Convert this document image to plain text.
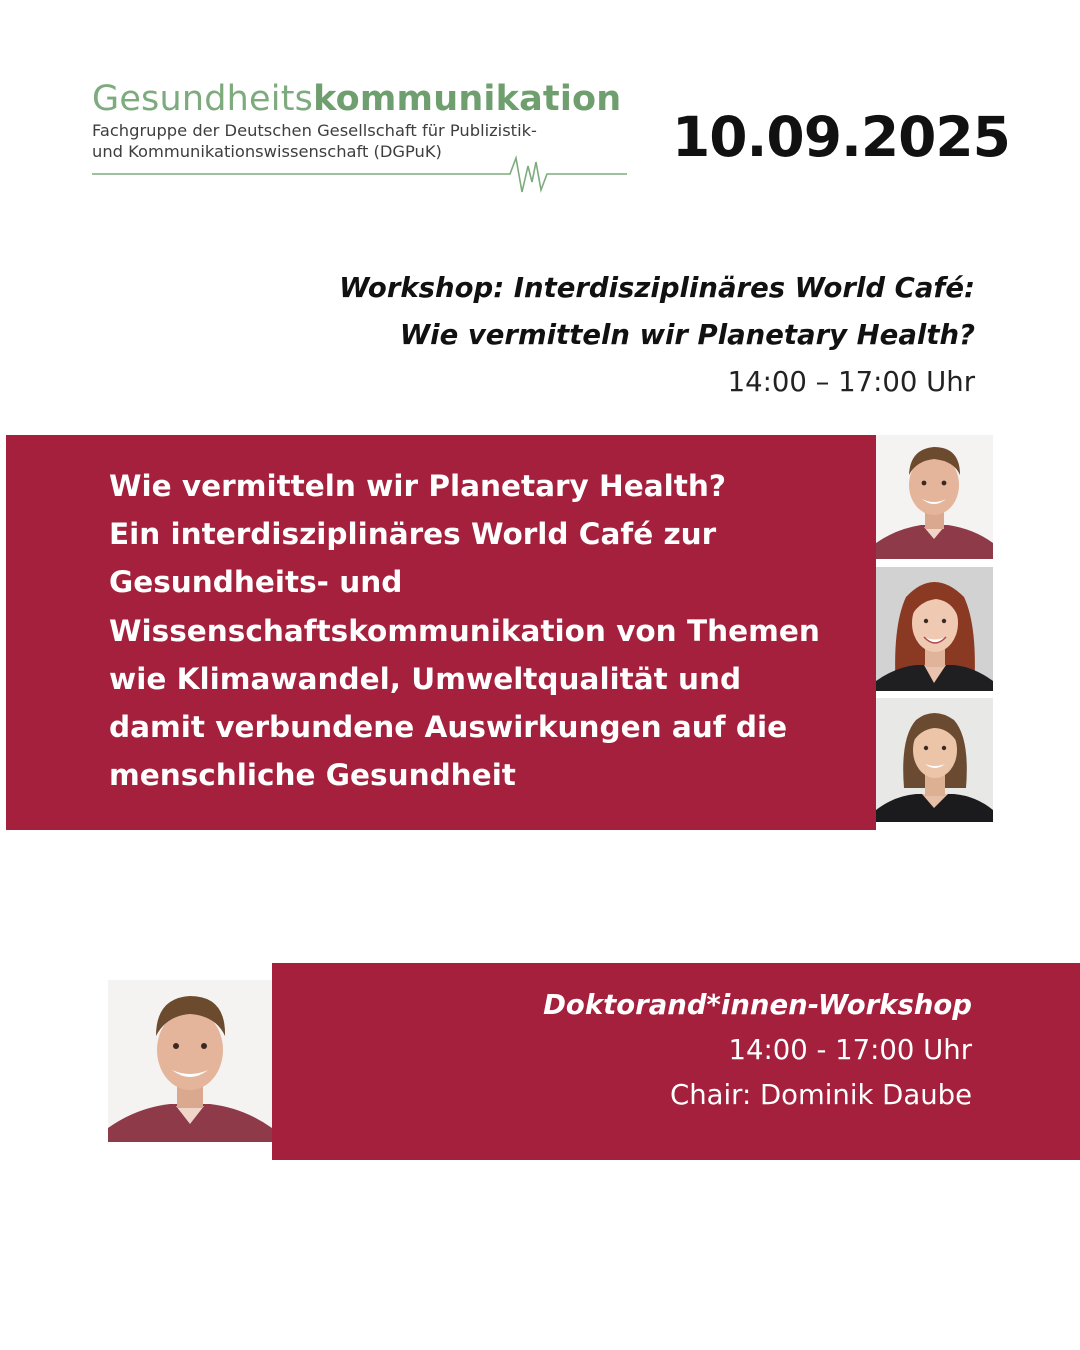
Gesundheitskommunikation
Fachgruppe der Deutschen Gesellschaft für Publizistik-
und Kommunikationswissenschaft (DGPuK)	10.09.2025
Workshop: Interdisziplinäres World Café:
Wie vermitteln wir Planetary Health?
14:00 – 17:00 Uhr
Wie vermitteln wir Planetary Health?
Ein interdisziplinäres World Café zur
Gesundheits- und
Wissenschaftskommunikation von Themen
wie Klimawandel, Umweltqualität und
damit verbundene Auswirkungen auf die
menschliche Gesundheit
Doktorand*innen-Workshop
14:00 - 17:00 Uhr
Chair: Dominik Daube
